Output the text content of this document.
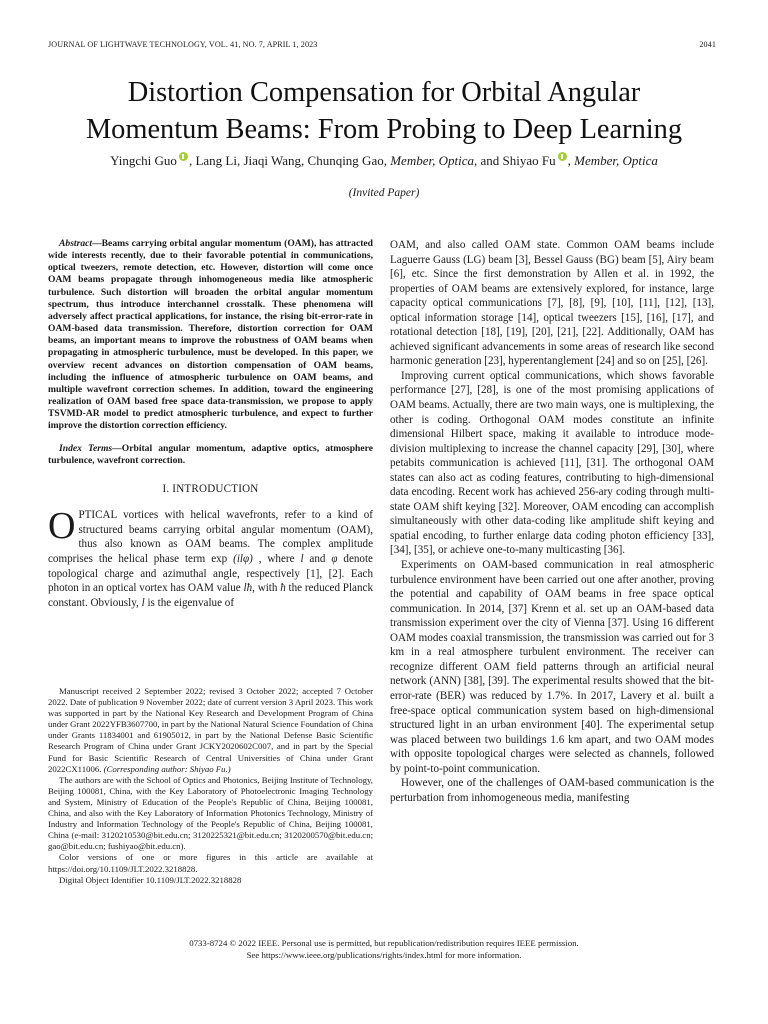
JOURNAL OF LIGHTWAVE TECHNOLOGY, VOL. 41, NO. 7, APRIL 1, 2023	2041
Distortion Compensation for Orbital Angular
Momentum Beams: From Probing to Deep Learning
Yingchi Guo , Lang Li, Jiaqi Wang, Chunqing Gao, Member, Optica, and Shiyao Fu , Member, Optica
(Invited Paper)

Abstract—Beams carrying orbital angular momentum (OAM), has attracted wide interests recently, due to their favorable potential in communications, optical tweezers, remote detection, etc. However, distortion will come once OAM beams propagate through inhomogeneous media like atmospheric turbulence. Such distortion will broaden the orbital angular momentum spectrum, thus introduce interchannel crosstalk. These phenomena will adversely affect practical applications, for instance, the rising bit-error-rate in OAM-based data transmission. Therefore, distortion correction for OAM beams, an important means to improve the robustness of OAM beams when propagating in atmospheric turbulence, must be developed. In this paper, we overview recent advances on distortion compensation of OAM beams, including the influence of atmospheric turbulence on OAM beams, and multiple wavefront correction schemes. In addition, toward the engineering realization of OAM based free space data-transmission, we propose to apply TSVMD-AR model to predict atmospheric turbulence, and expect to further improve the distortion correction efficiency.

Index Terms—Orbital angular momentum, adaptive optics, atmosphere turbulence, wavefront correction.

I. INTRODUCTION

OPTICAL vortices with helical wavefronts, refer to a kind of structured beams carrying orbital angular momentum (OAM), thus also known as OAM beams. The complex amplitude comprises the helical phase term exp (ilφ) , where l and φ denote topological charge and azimuthal angle, respectively [1], [2]. Each photon in an optical vortex has OAM value lħ, with ħ the reduced Planck constant. Obviously, l is the eigenvalue of

Manuscript received 2 September 2022; revised 3 October 2022; accepted 7 October 2022. Date of publication 9 November 2022; date of current version 3 April 2023. This work was supported in part by the National Key Research and Development Program of China under Grant 2022YFB3607700, in part by the National Natural Science Foundation of China under Grants 11834001 and 61905012, in part by the National Defense Basic Scientific Research Program of China under Grant JCKY2020602C007, and in part by the Special Fund for Basic Scientific Research of Central Universities of China under Grant 2022CX11006. (Corresponding author: Shiyao Fu.)

The authors are with the School of Optics and Photonics, Beijing Institute of Technology, Beijing 100081, China, with the Key Laboratory of Photoelectronic Imaging Technology and System, Ministry of Education of the People's Republic of China, Beijing 100081, China, and also with the Key Laboratory of Information Photonics Technology, Ministry of Industry and Information Technology of the People's Republic of China, Beijing 100081, China (e-mail: 3120210530@bit.edu.cn; 3120225321@bit.edu.cn; 3120200570@bit.edu.cn; gao@bit.edu.cn; fushiyao@bit.edu.cn).

Color versions of one or more figures in this article are available at https://doi.org/10.1109/JLT.2022.3218828.

Digital Object Identifier 10.1109/JLT.2022.3218828

OAM, and also called OAM state. Common OAM beams include Laguerre Gauss (LG) beam [3], Bessel Gauss (BG) beam [5], Airy beam [6], etc. Since the first demonstration by Allen et al. in 1992, the properties of OAM beams are extensively explored, for instance, large capacity optical communications [7], [8], [9], [10], [11], [12], [13], optical information storage [14], optical tweezers [15], [16], [17], and rotational detection [18], [19], [20], [21], [22]. Additionally, OAM has achieved significant advancements in some areas of research like second harmonic generation [23], hyperentanglement [24] and so on [25], [26].

Improving current optical communications, which shows favorable performance [27], [28], is one of the most promising applications of OAM beams. Actually, there are two main ways, one is multiplexing, the other is coding. Orthogonal OAM modes constitute an infinite dimensional Hilbert space, making it available to introduce mode-division multiplexing to increase the channel capacity [29], [30], where petabits communication is achieved [11], [31]. The orthogonal OAM states can also act as coding features, contributing to high-dimensional data encoding. Recent work has achieved 256-ary coding through multi-state OAM shift keying [32]. Moreover, OAM encoding can accomplish simultaneously with other data-coding like amplitude shift keying and spatial encoding, to further enlarge data coding photon efficiency [33], [34], [35], or achieve one-to-many multicasting [36].

Experiments on OAM-based communication in real atmospheric turbulence environment have been carried out one after another, proving the potential and capability of OAM beams in free space optical communication. In 2014, [37] Krenn et al. set up an OAM-based data transmission experiment over the city of Vienna [37]. Using 16 different OAM modes coaxial transmission, the transmission was carried out for 3 km in a real atmosphere turbulent environment. The receiver can recognize different OAM field patterns through an artificial neural network (ANN) [38], [39]. The experimental results showed that the bit-error-rate (BER) was reduced by 1.7%. In 2017, Lavery et al. built a free-space optical communication system based on high-dimensional structured light in an urban environment [40]. The experimental setup was placed between two buildings 1.6 km apart, and two OAM modes with opposite topological charges were selected as channels, followed by point-to-point communication.

However, one of the challenges of OAM-based communication is the perturbation from inhomogeneous media, manifesting

0733-8724 © 2022 IEEE. Personal use is permitted, but republication/redistribution requires IEEE permission.
See https://www.ieee.org/publications/rights/index.html for more information.
